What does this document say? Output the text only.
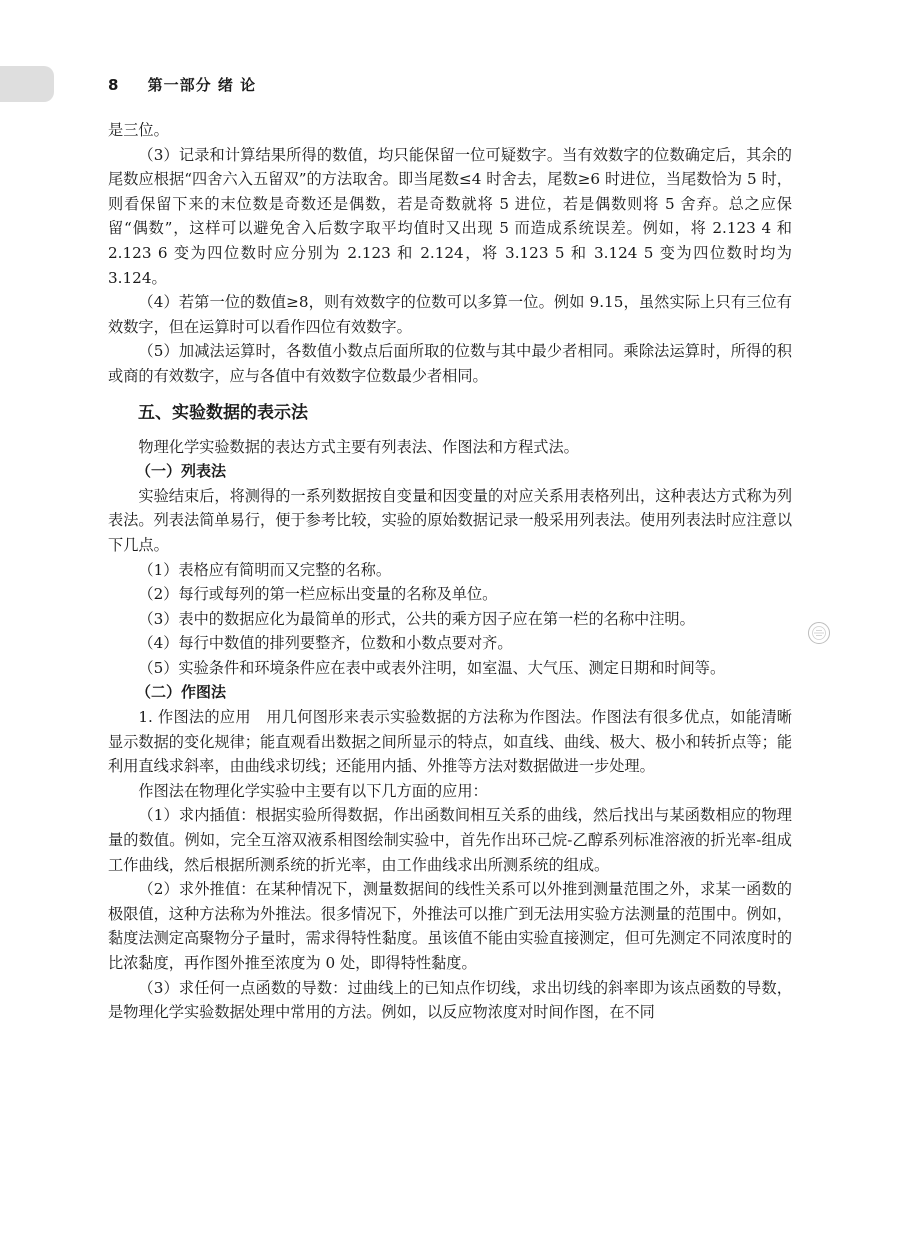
8 第一部分 绪 论

是三位。

（3）记录和计算结果所得的数值，均只能保留一位可疑数字。当有效数字的位数确定后，其余的尾数应根据“四舍六入五留双”的方法取舍。即当尾数≤4 时舍去，尾数≥6 时进位，当尾数恰为 5 时，则看保留下来的末位数是奇数还是偶数，若是奇数就将 5 进位，若是偶数则将 5 舍弃。总之应保留“偶数”，这样可以避免舍入后数字取平均值时又出现 5 而造成系统误差。例如，将 2.123 4 和 2.123 6 变为四位数时应分别为 2.123 和 2.124，将 3.123 5 和 3.124 5 变为四位数时均为 3.124。

（4）若第一位的数值≥8，则有效数字的位数可以多算一位。例如 9.15，虽然实际上只有三位有效数字，但在运算时可以看作四位有效数字。

（5）加减法运算时，各数值小数点后面所取的位数与其中最少者相同。乘除法运算时，所得的积或商的有效数字，应与各值中有效数字位数最少者相同。

五、实验数据的表示法

物理化学实验数据的表达方式主要有列表法、作图法和方程式法。

（一）列表法

实验结束后，将测得的一系列数据按自变量和因变量的对应关系用表格列出，这种表达方式称为列表法。列表法简单易行，便于参考比较，实验的原始数据记录一般采用列表法。使用列表法时应注意以下几点。

（1）表格应有简明而又完整的名称。

（2）每行或每列的第一栏应标出变量的名称及单位。

（3）表中的数据应化为最简单的形式，公共的乘方因子应在第一栏的名称中注明。

（4）每行中数值的排列要整齐，位数和小数点要对齐。

（5）实验条件和环境条件应在表中或表外注明，如室温、大气压、测定日期和时间等。

（二）作图法

1. 作图法的应用　用几何图形来表示实验数据的方法称为作图法。作图法有很多优点，如能清晰显示数据的变化规律；能直观看出数据之间所显示的特点，如直线、曲线、极大、极小和转折点等；能利用直线求斜率，由曲线求切线；还能用内插、外推等方法对数据做进一步处理。

作图法在物理化学实验中主要有以下几方面的应用：

（1）求内插值：根据实验所得数据，作出函数间相互关系的曲线，然后找出与某函数相应的物理量的数值。例如，完全互溶双液系相图绘制实验中，首先作出环己烷-乙醇系列标准溶液的折光率-组成工作曲线，然后根据所测系统的折光率，由工作曲线求出所测系统的组成。

（2）求外推值：在某种情况下，测量数据间的线性关系可以外推到测量范围之外，求某一函数的极限值，这种方法称为外推法。很多情况下，外推法可以推广到无法用实验方法测量的范围中。例如，黏度法测定高聚物分子量时，需求得特性黏度。虽该值不能由实验直接测定，但可先测定不同浓度时的比浓黏度，再作图外推至浓度为 0 处，即得特性黏度。

（3）求任何一点函数的导数：过曲线上的已知点作切线，求出切线的斜率即为该点函数的导数，是物理化学实验数据处理中常用的方法。例如，以反应物浓度对时间作图，在不同
